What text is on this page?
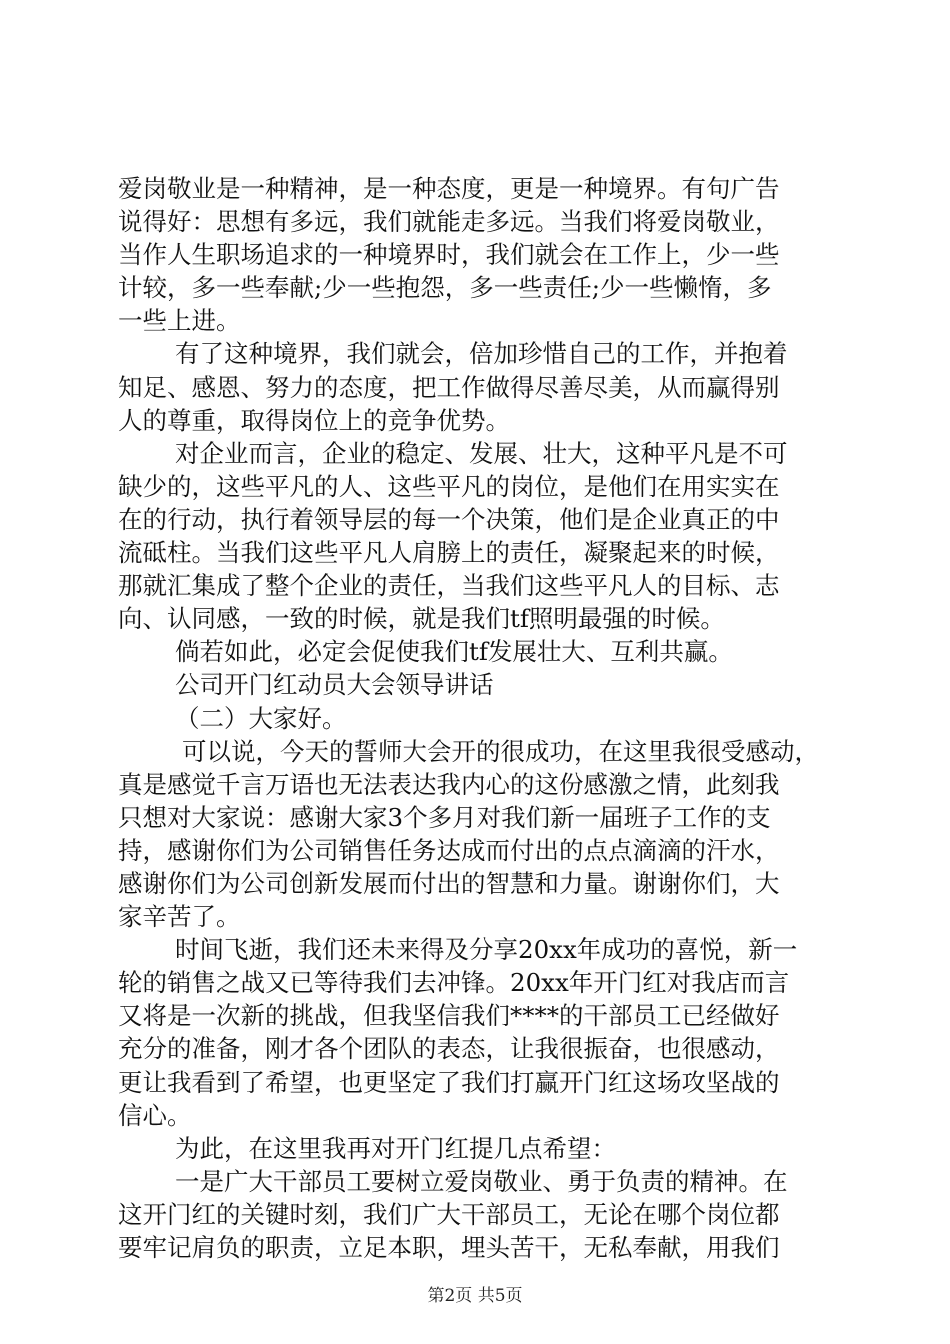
爱岗敬业是一种精神，是一种态度，更是一种境界。有句广告
说得好：思想有多远，我们就能走多远。当我们将爱岗敬业，
当作人生职场追求的一种境界时，我们就会在工作上，少一些
计较，多一些奉献;少一些抱怨，多一些责任;少一些懒惰，多
一些上进。
有了这种境界，我们就会，倍加珍惜自己的工作，并抱着
知足、感恩、努力的态度，把工作做得尽善尽美，从而赢得别
人的尊重，取得岗位上的竞争优势。
对企业而言，企业的稳定、发展、壮大，这种平凡是不可
缺少的，这些平凡的人、这些平凡的岗位，是他们在用实实在
在的行动，执行着领导层的每一个决策，他们是企业真正的中
流砥柱。当我们这些平凡人肩膀上的责任，凝聚起来的时候，
那就汇集成了整个企业的责任，当我们这些平凡人的目标、志
向、认同感，一致的时候，就是我们tf照明最强的时候。
倘若如此，必定会促使我们tf发展壮大、互利共赢。
公司开门红动员大会领导讲话
（二）大家好。
可以说，今天的誓师大会开的很成功，在这里我很受感动，
真是感觉千言万语也无法表达我内心的这份感激之情，此刻我
只想对大家说：感谢大家3个多月对我们新一届班子工作的支
持，感谢你们为公司销售任务达成而付出的点点滴滴的汗水，
感谢你们为公司创新发展而付出的智慧和力量。谢谢你们，大
家辛苦了。
时间飞逝，我们还未来得及分享20xx年成功的喜悦，新一
轮的销售之战又已等待我们去冲锋。20xx年开门红对我店而言
又将是一次新的挑战，但我坚信我们****的干部员工已经做好
充分的准备，刚才各个团队的表态，让我很振奋，也很感动，
更让我看到了希望，也更坚定了我们打赢开门红这场攻坚战的
信心。
为此，在这里我再对开门红提几点希望：
一是广大干部员工要树立爱岗敬业、勇于负责的精神。在
这开门红的关键时刻，我们广大干部员工，无论在哪个岗位都
要牢记肩负的职责，立足本职，埋头苦干，无私奉献，用我们
第2页 共5页
